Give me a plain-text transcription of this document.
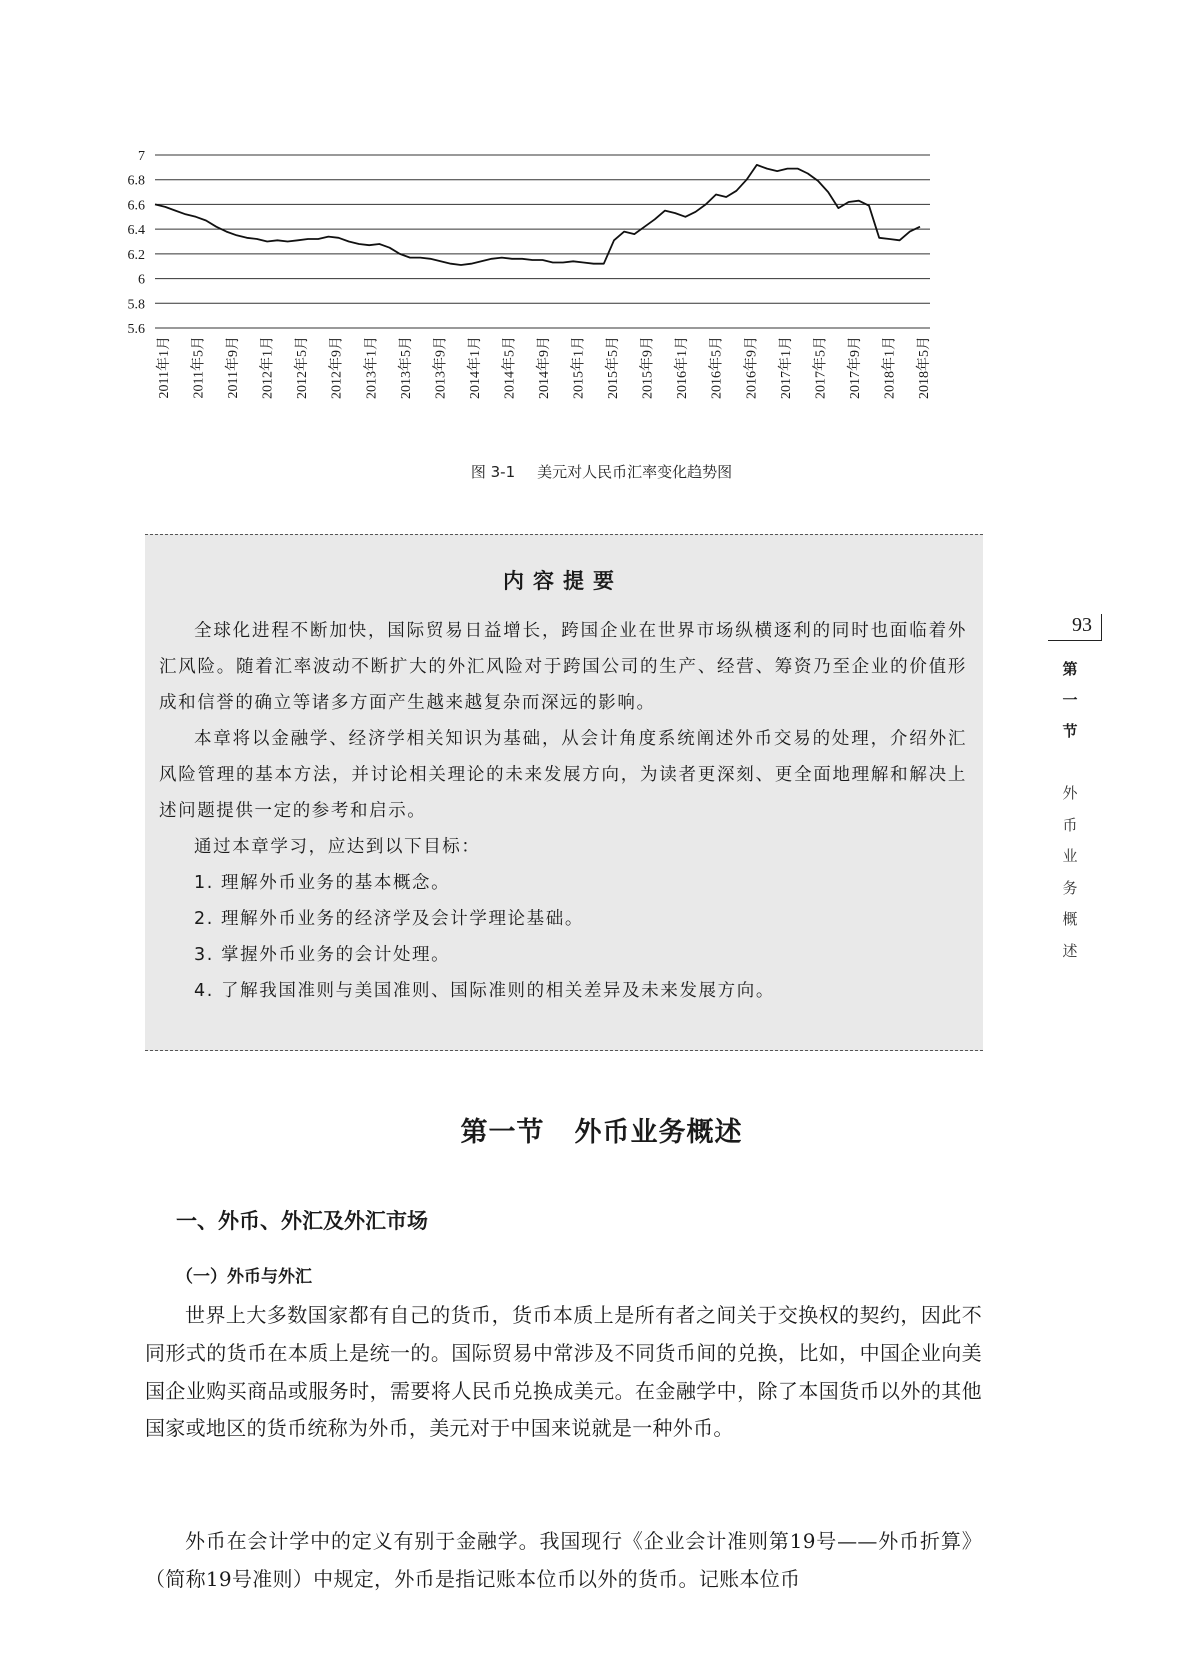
7
6.8
6.6
6.4
6.2
6
5.8
5.6
2011年1月 2011年5月 2011年9月 2012年1月 2012年5月 2012年9月 2013年1月 2013年5月 2013年9月 2014年1月 2014年5月 2014年9月 2015年1月 2015年5月 2015年9月 2016年1月 2016年5月 2016年9月 2017年1月 2017年5月 2017年9月 2018年1月 2018年5月
图 3-1 美元对人民币汇率变化趋势图
内容提要

全球化进程不断加快，国际贸易日益增长，跨国企业在世界市场纵横逐利的同时也面临着外汇风险。随着汇率波动不断扩大的外汇风险对于跨国公司的生产、经营、筹资乃至企业的价值形成和信誉的确立等诸多方面产生越来越复杂而深远的影响。

本章将以金融学、经济学相关知识为基础，从会计角度系统阐述外币交易的处理，介绍外汇风险管理的基本方法，并讨论相关理论的未来发展方向，为读者更深刻、更全面地理解和解决上述问题提供一定的参考和启示。

通过本章学习，应达到以下目标：

1. 理解外币业务的基本概念。

2. 理解外币业务的经济学及会计学理论基础。

3. 掌握外币业务的会计处理。

4. 了解我国准则与美国准则、国际准则的相关差异及未来发展方向。

93
第
一
节
外
币
业
务
概
述
第一节 外币业务概述
一、外币、外汇及外汇市场
（一）外币与外汇

世界上大多数国家都有自己的货币，货币本质上是所有者之间关于交换权的契约，因此不同形式的货币在本质上是统一的。国际贸易中常涉及不同货币间的兑换，比如，中国企业向美国企业购买商品或服务时，需要将人民币兑换成美元。在金融学中，除了本国货币以外的其他国家或地区的货币统称为外币，美元对于中国来说就是一种外币。

外币在会计学中的定义有别于金融学。我国现行《企业会计准则第19号——外币折算》（简称19号准则）中规定，外币是指记账本位币以外的货币。记账本位币
